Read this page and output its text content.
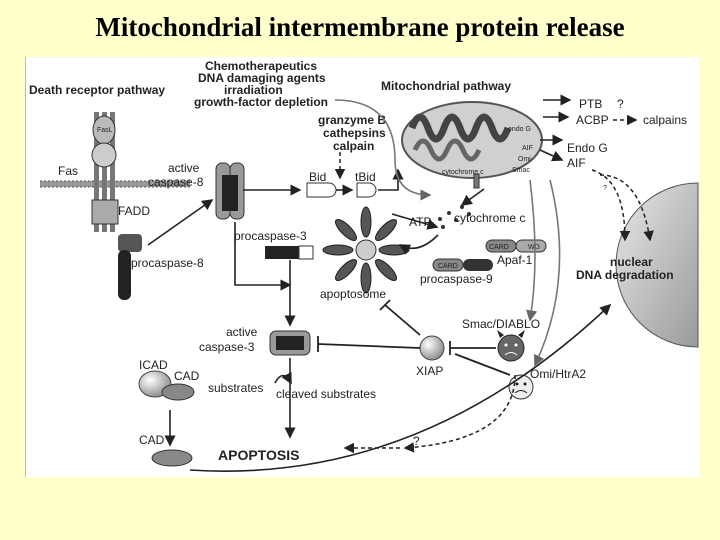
Mitochondrial intermembrane protein release
Death receptor pathway
FasL
Fas
FADD
procaspase-8
active
caspase-8
Chemotherapeutics
DNA damaging agents
irradiation
growth-factor depletion
granzyme B
cathepsins
calpain
Bid tBid
Mitochondrial pathway
endo G
AIF
Omi
Smac
cytochrome c
PTB ?
ACBP	calpains
Endo G
AIF
?
nuclear
DNA degradation
ATP cytochrome c
CARD	WD
Apaf-1
CARD
procaspase-9
procaspase-3
apoptosome
active
caspase-3
Smac/DIABLO
XIAP	Omi/HtrA2
ICAD
CAD
CAD
substrates cleaved substrates
APOPTOSIS
?
